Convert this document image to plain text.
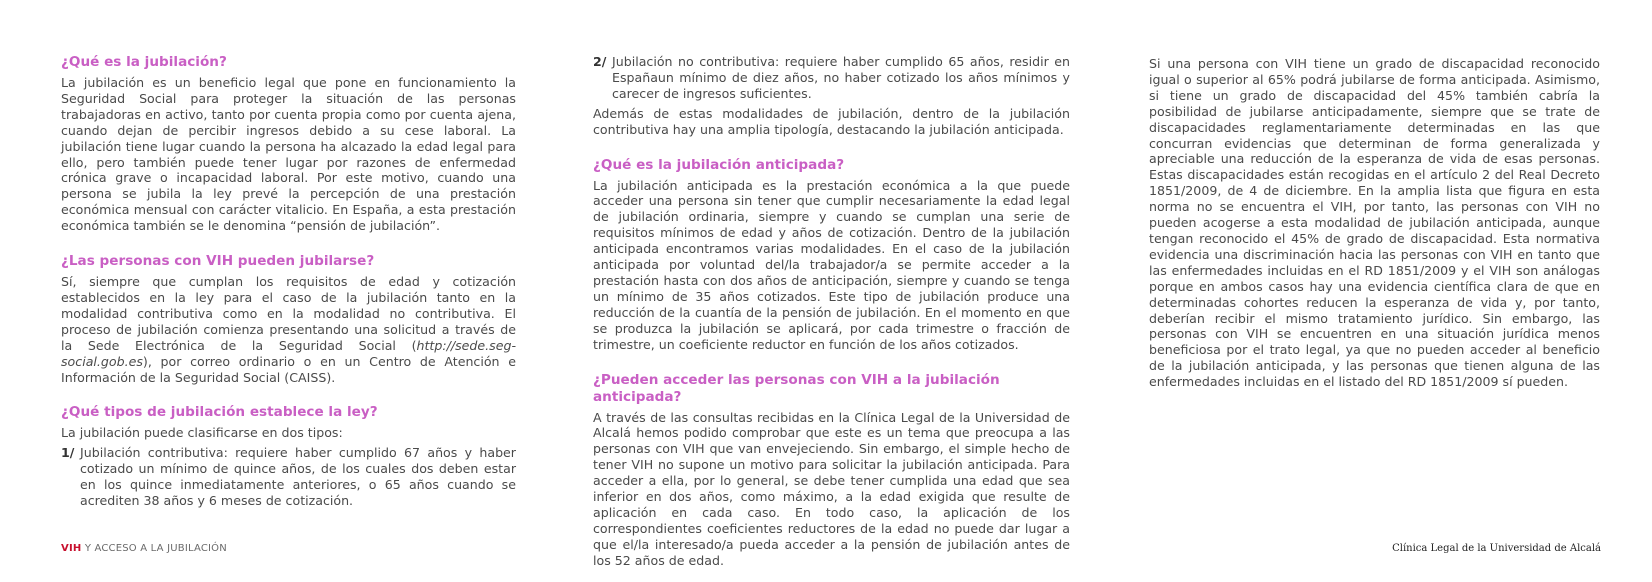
¿Qué es la jubilación?

La jubilación es un beneficio legal que pone en funcionamiento la Seguridad Social para proteger la situación de las personas trabajadoras en activo, tanto por cuenta propia como por cuenta ajena, cuando dejan de percibir ingresos debido a su cese laboral. La jubilación tiene lugar cuando la persona ha alcazado la edad legal para ello, pero también puede tener lugar por razones de enfermedad crónica grave o incapacidad laboral. Por este motivo, cuando una persona se jubila la ley prevé la percepción de una prestación económica mensual con carácter vitalicio. En España, a esta prestación económica también se le denomina “pensión de jubilación”.

¿Las personas con VIH pueden jubilarse?

Sí, siempre que cumplan los requisitos de edad y cotización establecidos en la ley para el caso de la jubilación tanto en la modalidad contributiva como en la modalidad no contributiva. El proceso de jubilación comienza presentando una solicitud a través de la Sede Electrónica de la Seguridad Social (http://sede.seg-social.gob.es), por correo ordinario o en un Centro de Atención e Información de la Seguridad Social (CAISS).

¿Qué tipos de jubilación establece la ley?

La jubilación puede clasificarse en dos tipos:

1/ Jubilación contributiva: requiere haber cumplido 67 años y haber cotizado un mínimo de quince años, de los cuales dos deben estar en los quince inmediatamente anteriores, o 65 años cuando se acrediten 38 años y 6 meses de cotización.
2/ Jubilación no contributiva: requiere haber cumplido 65 años, residir en Españaun mínimo de diez años, no haber cotizado los años mínimos y carecer de ingresos suficientes.

Además de estas modalidades de jubilación, dentro de la jubilación contributiva hay una amplia tipología, destacando la jubilación anticipada.

¿Qué es la jubilación anticipada?

La jubilación anticipada es la prestación económica a la que puede acceder una persona sin tener que cumplir necesariamente la edad legal de jubilación ordinaria, siempre y cuando se cumplan una serie de requisitos mínimos de edad y años de cotización. Dentro de la jubilación anticipada encontramos varias modalidades. En el caso de la jubilación anticipada por voluntad del/la trabajador/a se permite acceder a la prestación hasta con dos años de anticipación, siempre y cuando se tenga un mínimo de 35 años cotizados. Este tipo de jubilación produce una reducción de la cuantía de la pensión de jubilación. En el momento en que se produzca la jubilación se aplicará, por cada trimestre o fracción de trimestre, un coeficiente reductor en función de los años cotizados.

¿Pueden acceder las personas con VIH a la jubilación anticipada?

A través de las consultas recibidas en la Clínica Legal de la Universidad de Alcalá hemos podido comprobar que este es un tema que preocupa a las personas con VIH que van envejeciendo. Sin embargo, el simple hecho de tener VIH no supone un motivo para solicitar la jubilación anticipada. Para acceder a ella, por lo general, se debe tener cumplida una edad que sea inferior en dos años, como máximo, a la edad exigida que resulte de aplicación en cada caso. En todo caso, la aplicación de los correspondientes coeficientes reductores de la edad no puede dar lugar a que el/la interesado/a pueda acceder a la pensión de jubilación antes de los 52 años de edad.

Si una persona con VIH tiene un grado de discapacidad reconocido igual o superior al 65% podrá jubilarse de forma anticipada. Asimismo, si tiene un grado de discapacidad del 45% también cabría la posibilidad de jubilarse anticipadamente, siempre que se trate de discapacidades reglamentariamente determinadas en las que concurran evidencias que determinan de forma generalizada y apreciable una reducción de la esperanza de vida de esas personas. Estas discapacidades están recogidas en el artículo 2 del Real Decreto 1851/2009, de 4 de diciembre. En la amplia lista que figura en esta norma no se encuentra el VIH, por tanto, las personas con VIH no pueden acogerse a esta modalidad de jubilación anticipada, aunque tengan reconocido el 45% de grado de discapacidad. Esta normativa evidencia una discriminación hacia las personas con VIH en tanto que las enfermedades incluidas en el RD 1851/2009 y el VIH son análogas porque en ambos casos hay una evidencia científica clara de que en determinadas cohortes reducen la esperanza de vida y, por tanto, deberían recibir el mismo tratamiento jurídico. Sin embargo, las personas con VIH se encuentren en una situación jurídica menos beneficiosa por el trato legal, ya que no pueden acceder al beneficio de la jubilación anticipada, y las personas que tienen alguna de las enfermedades incluidas en el listado del RD 1851/2009 sí pueden.

VIH Y ACCESO A LA JUBILACIÓN	Clínica Legal de la Universidad de Alcalá
